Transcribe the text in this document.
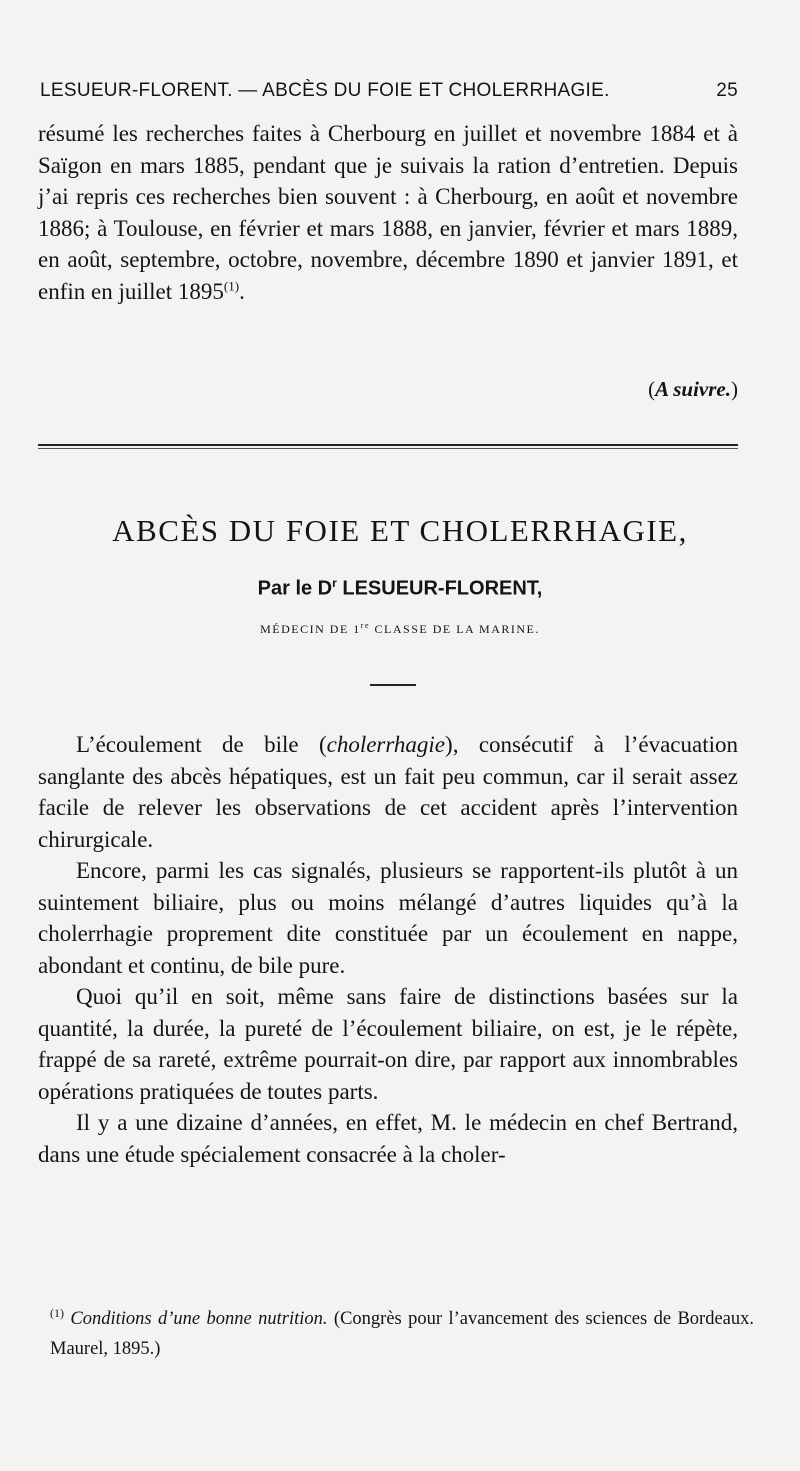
LESUEUR-FLORENT. — ABCÈS DU FOIE ET CHOLERRHAGIE.	25

résumé les recherches faites à Cherbourg en juillet et novembre 1884 et à Saïgon en mars 1885, pendant que je suivais la ration d’entretien. Depuis j’ai repris ces recherches bien souvent : à Cherbourg, en août et novembre 1886; à Toulouse, en février et mars 1888, en janvier, février et mars 1889, en août, septembre, octobre, novembre, décembre 1890 et janvier 1891, et enfin en juillet 1895$^{(1)}$.

(A suivre.)
ABCÈS DU FOIE ET CHOLERRHAGIE,
Par le $D^r$ LESUEUR-FLORENT,
MÉDECIN DE 1re CLASSE DE LA MARINE.

L’écoulement de bile (cholerrhagie), consécutif à l’évacuation sanglante des abcès hépatiques, est un fait peu commun, car il serait assez facile de relever les observations de cet accident après l’intervention chirurgicale.

Encore, parmi les cas signalés, plusieurs se rapportent-ils plutôt à un suintement biliaire, plus ou moins mélangé d’autres liquides qu’à la cholerrhagie proprement dite constituée par un écoulement en nappe, abondant et continu, de bile pure.

Quoi qu’il en soit, même sans faire de distinctions basées sur la quantité, la durée, la pureté de l’écoulement biliaire, on est, je le répète, frappé de sa rareté, extrême pourrait-on dire, par rapport aux innombrables opérations pratiquées de toutes parts.

Il y a une dizaine d’années, en effet, M. le médecin en chef Bertrand, dans une étude spécialement consacrée à la choler-

$^{(1)}$ Conditions d’une bonne nutrition. (Congrès pour l’avancement des sciences de Bordeaux. Maurel, 1895.)
